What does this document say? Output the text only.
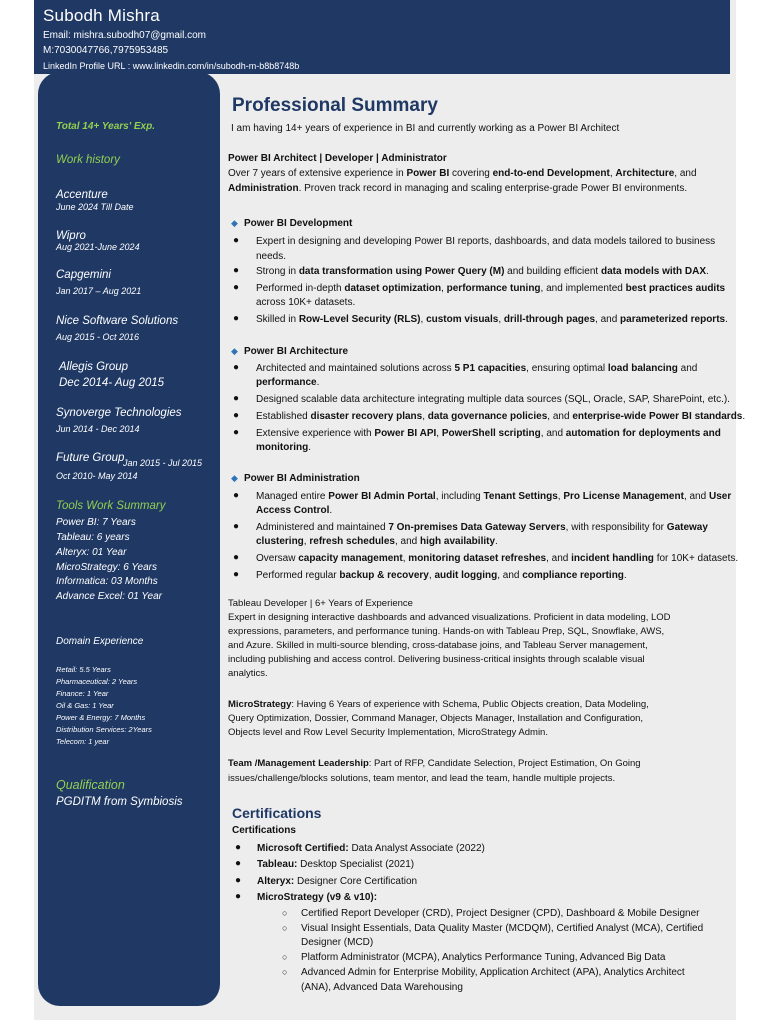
Subodh Mishra
Email: mishra.subodh07@gmail.com
M:7030047766,7975953485
LinkedIn Profile URL : www.linkedin.com/in/subodh-m-b8b8748b
Total 14+ Years' Exp.
Work history
Accenture
June 2024 Till Date
Wipro
Aug 2021-June 2024
Capgemini
Jan 2017 – Aug 2021
Nice Software Solutions
Aug 2015 - Oct 2016
Allegis Group
Dec 2014- Aug 2015
Synoverge Technologies
Jun 2014 - Dec 2014
Future Group
Jan 2015 - Jul 2015
Oct 2010- May 2014
Tools Work Summary
Power BI: 7 Years
Tableau: 6 years
Alteryx: 01 Year
MicroStrategy: 6 Years
Informatica: 03 Months
Advance Excel: 01 Year
Domain Experience
Retail: 5.5 Years
Pharmaceutical: 2 Years
Finance: 1 Year
Oil & Gas: 1 Year
Power & Energy: 7 Months
Distribution Services: 2Years
Telecom: 1 year
Qualification
PGDITM from Symbiosis
Professional Summary
I am having 14+ years of experience in BI and currently working as a Power BI Architect
Power BI Architect | Developer | Administrator
Over 7 years of extensive experience in Power BI covering end-to-end Development, Architecture, and
Administration. Proven track record in managing and scaling enterprise-grade Power BI environments.
◆ Power BI Development
● Expert in designing and developing Power BI reports, dashboards, and data models tailored to business
needs.
● Strong in data transformation using Power Query (M) and building efficient data models with DAX.
● Performed in-depth dataset optimization, performance tuning, and implemented best practices audits
across 10K+ datasets.
● Skilled in Row-Level Security (RLS), custom visuals, drill-through pages, and parameterized reports.
◆ Power BI Architecture
● Architected and maintained solutions across 5 P1 capacities, ensuring optimal load balancing and
performance.
● Designed scalable data architecture integrating multiple data sources (SQL, Oracle, SAP, SharePoint, etc.).
● Established disaster recovery plans, data governance policies, and enterprise-wide Power BI standards.
● Extensive experience with Power BI API, PowerShell scripting, and automation for deployments and
monitoring.
◆ Power BI Administration
● Managed entire Power BI Admin Portal, including Tenant Settings, Pro License Management, and User
Access Control.
● Administered and maintained 7 On-premises Data Gateway Servers, with responsibility for Gateway
clustering, refresh schedules, and high availability.
● Oversaw capacity management, monitoring dataset refreshes, and incident handling for 10K+ datasets.
● Performed regular backup & recovery, audit logging, and compliance reporting.
Tableau Developer | 6+ Years of Experience
Expert in designing interactive dashboards and advanced visualizations. Proficient in data modeling, LOD
expressions, parameters, and performance tuning. Hands-on with Tableau Prep, SQL, Snowflake, AWS,
and Azure. Skilled in multi-source blending, cross-database joins, and Tableau Server management,
including publishing and access control. Delivering business-critical insights through scalable visual
analytics.
MicroStrategy: Having 6 Years of experience with Schema, Public Objects creation, Data Modeling,
Query Optimization, Dossier, Command Manager, Objects Manager, Installation and Configuration,
Objects level and Row Level Security Implementation, MicroStrategy Admin.
Team /Management Leadership: Part of RFP, Candidate Selection, Project Estimation, On Going
issues/challenge/blocks solutions, team mentor, and lead the team, handle multiple projects.
Certifications
Certifications
● Microsoft Certified: Data Analyst Associate (2022)
● Tableau: Desktop Specialist (2021)
● Alteryx: Designer Core Certification
● MicroStrategy (v9 & v10):
○ Certified Report Developer (CRD), Project Designer (CPD), Dashboard & Mobile Designer
○ Visual Insight Essentials, Data Quality Master (MCDQM), Certified Analyst (MCA), Certified
Designer (MCD)
○ Platform Administrator (MCPA), Analytics Performance Tuning, Advanced Big Data
○ Advanced Admin for Enterprise Mobility, Application Architect (APA), Analytics Architect
(ANA), Advanced Data Warehousing
